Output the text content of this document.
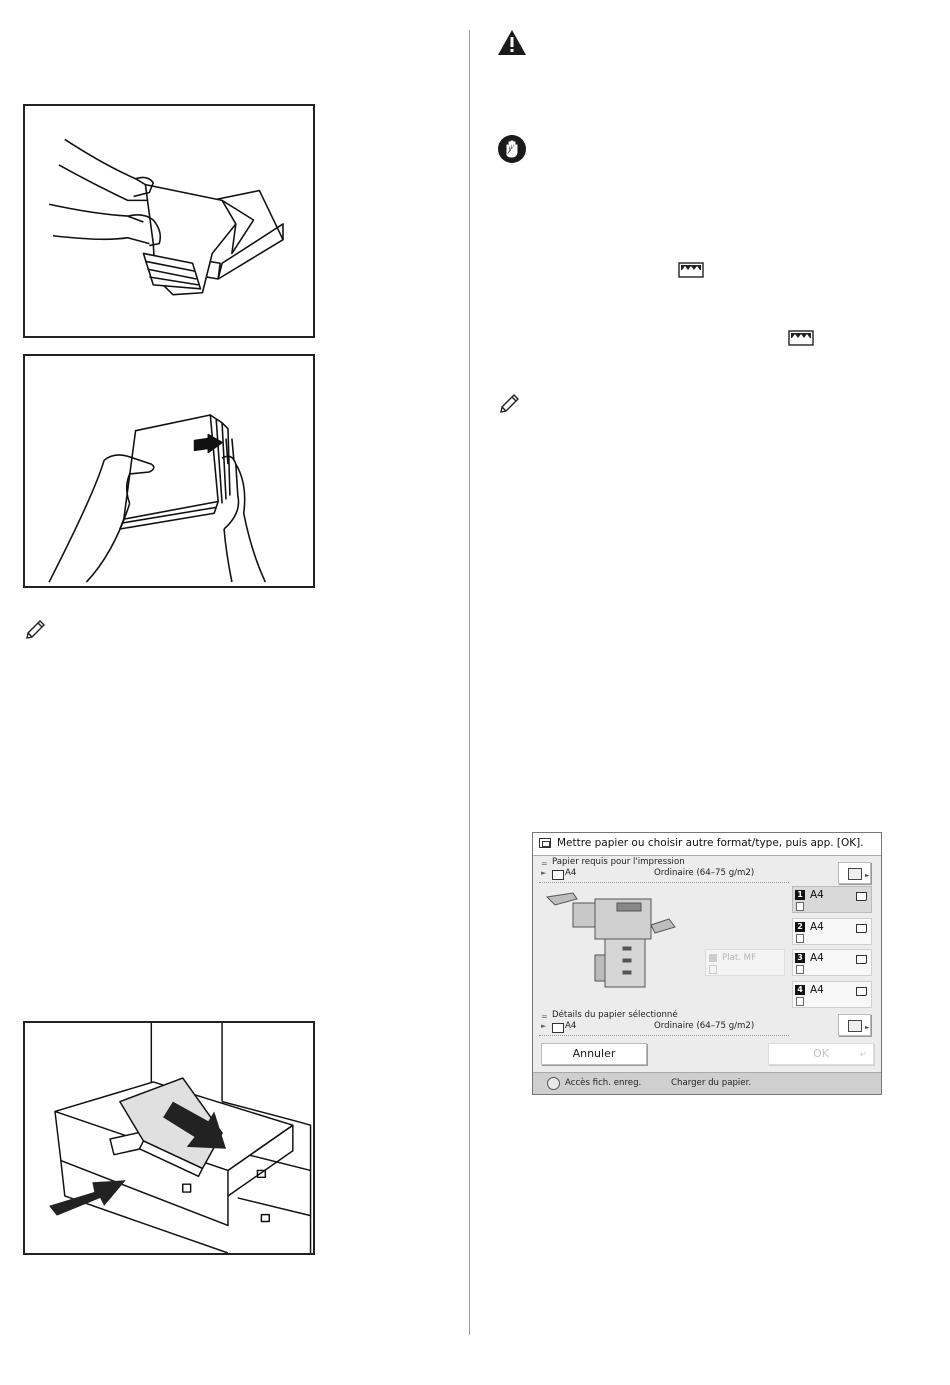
Mettre papier ou choisir autre format/type, puis app. [OK].
= Papier requis pour l'impression
► A4	Ordinaire (64–75 g/m2)	►
Plat. MF
1 A4
2 A4
3 A4
4 A4
= Détails du papier sélectionné
► A4	Ordinaire (64–75 g/m2)	►
Annuler	OK	↵
Accès fich. enreg.	Charger du papier.
